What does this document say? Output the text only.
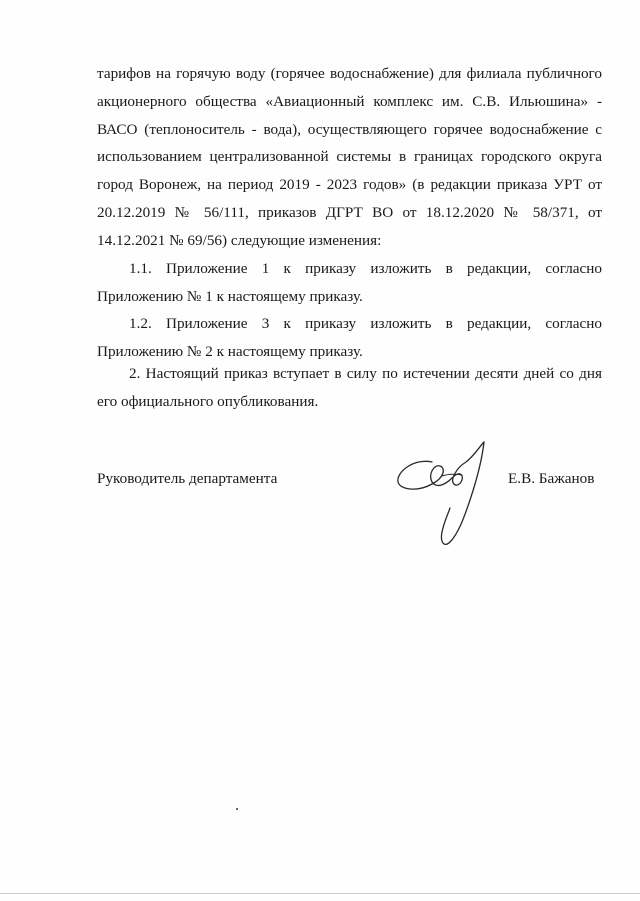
тарифов на горячую воду (горячее водоснабжение) для филиала публичного акционерного общества «Авиационный комплекс им. С.В. Ильюшина» - ВАСО (теплоноситель - вода), осуществляющего горячее водоснабжение с использованием централизованной системы в границах городского округа город Воронеж, на период 2019 - 2023 годов» (в редакции приказа УРТ от 20.12.2019 № 56/111, приказов ДГРТ ВО от 18.12.2020 № 58/371, от 14.12.2021 № 69/56) следующие изменения:

1.1. Приложение 1 к приказу изложить в редакции, согласно Приложению № 1 к настоящему приказу.

1.2. Приложение 3 к приказу изложить в редакции, согласно Приложению № 2 к настоящему приказу.

2. Настоящий приказ вступает в силу по истечении десяти дней со дня его официального опубликования.

Руководитель департамента	Е.В. Бажанов
